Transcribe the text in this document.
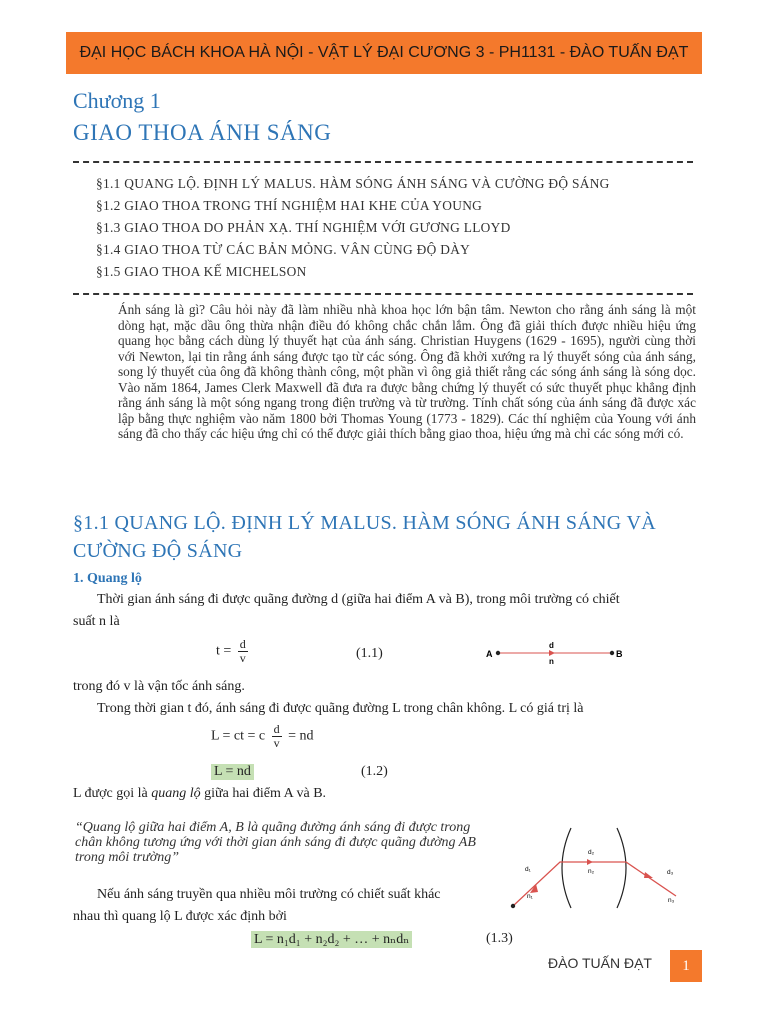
ĐẠI HỌC BÁCH KHOA HÀ NỘI - VẬT LÝ ĐẠI CƯƠNG 3 - PH1131 - ĐÀO TUẤN ĐẠT
Chương 1
GIAO THOA ÁNH SÁNG
§1.1 QUANG LỘ. ĐỊNH LÝ MALUS. HÀM SÓNG ÁNH SÁNG VÀ CƯỜNG ĐỘ SÁNG
§1.2 GIAO THOA TRONG THÍ NGHIỆM HAI KHE CỦA YOUNG
§1.3 GIAO THOA DO PHẢN XẠ. THÍ NGHIỆM VỚI GƯƠNG LLOYD
§1.4 GIAO THOA TỪ CÁC BẢN MỎNG. VÂN CÙNG ĐỘ DÀY
§1.5 GIAO THOA KẾ MICHELSON

Ánh sáng là gì? Câu hỏi này đã làm nhiều nhà khoa học lớn bận tâm. Newton cho rằng ánh sáng là một dòng hạt, mặc dầu ông thừa nhận điều đó không chắc chắn lắm. Ông đã giải thích được nhiều hiệu ứng quang học bằng cách dùng lý thuyết hạt của ánh sáng. Christian Huygens (1629 - 1695), người cùng thời với Newton, lại tin rằng ánh sáng được tạo từ các sóng. Ông đã khởi xướng ra lý thuyết sóng của ánh sáng, song lý thuyết của ông đã không thành công, một phần vì ông giả thiết rằng các sóng ánh sáng là sóng dọc. Vào năm 1864, James Clerk Maxwell đã đưa ra được bằng chứng lý thuyết có sức thuyết phục khẳng định rằng ánh sáng là một sóng ngang trong điện trường và từ trường. Tính chất sóng của ánh sáng đã được xác lập bằng thực nghiệm vào năm 1800 bởi Thomas Young (1773 - 1829). Các thí nghiệm của Young với ánh sáng đã cho thấy các hiệu ứng chỉ có thể được giải thích bằng giao thoa, hiệu ứng mà chỉ các sóng mới có.

§1.1 QUANG LỘ. ĐỊNH LÝ MALUS. HÀM SÓNG ÁNH SÁNG VÀ
CƯỜNG ĐỘ SÁNG
1. Quang lộ
Thời gian ánh sáng đi được quãng đường d (giữa hai điểm A và B), trong môi trường có chiết
suất n là
$t = \frac{d}{v}$	(1.1)	A	B
d
n
trong đó v là vận tốc ánh sáng.
Trong thời gian t đó, ánh sáng đi được quãng đường L trong chân không. L có giá trị là
L = ct = c $\frac{d}{v}$ = nd
L = nd	(1.2)
L được gọi là quang lộ giữa hai điểm A và B.
“Quang lộ giữa hai điểm A, B là quãng đường ánh sáng đi được trong chân không tương ứng với thời gian ánh sáng đi được quãng đường AB trong môi trường”
d₁
d₂
d₃
n₁
n₂
n₃
Nếu ánh sáng truyền qua nhiều môi trường có chiết suất khác
nhau thì quang lộ L được xác định bởi
L = n₁d₁ + n₂d₂ + … + nₙdₙ	(1.3)
ĐÀO TUẤN ĐẠT	1
